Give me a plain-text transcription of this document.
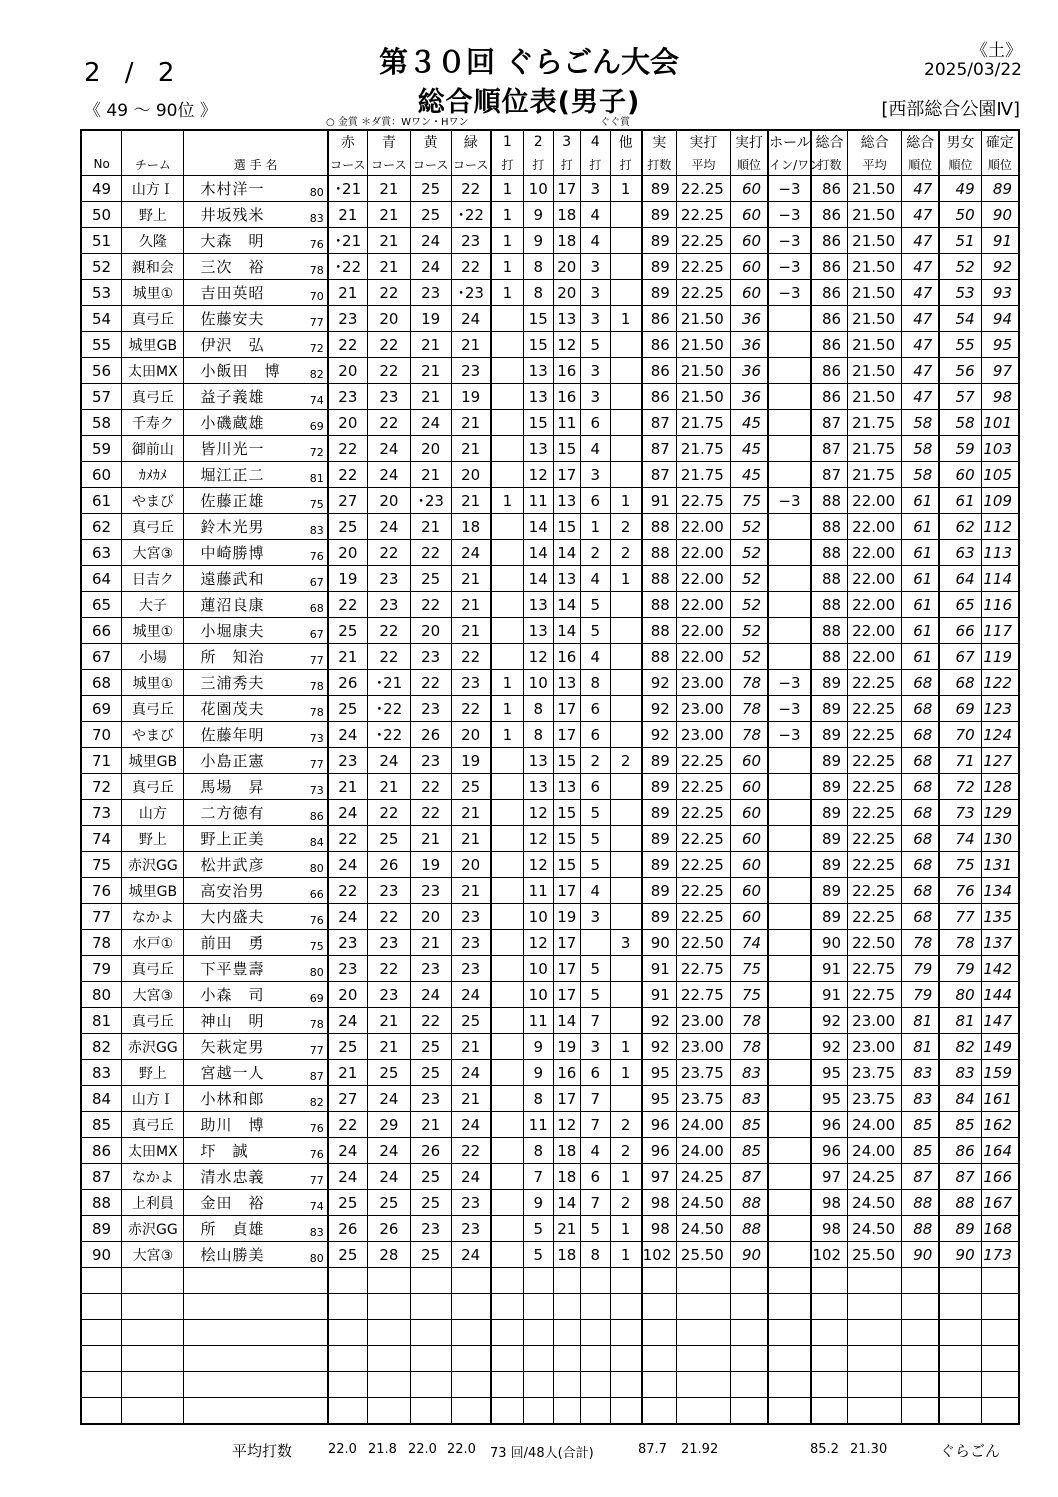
2 / 2
《 49 ～ 90位 》
第３０回 ぐらごん大会
総合順位表(男子)
《土》
2025/03/22
[西部総合公園Ⅳ]
○ 金賞 ＊ダ賞：Wワン・Hワン	ぐぐ賞
			赤	青	黄	緑	1	2	3	4	他	実	実打	実打	ホール	総合	総合	総合	男女	確定
No	チーム	選 手 名	コース	コース	コース	コース	打	打	打	打	打	打数	平均	順位	イン/ワン	打数	平均	順位	順位	順位
49	山方Ｉ	木村洋一 80	･21	21	25	22	1	10	17	3	1	89	22.25	60	−3	86	21.50	47	49	89
50	野上	井坂残米 83	21	21	25	･22	1	9	18	4		89	22.25	60	−3	86	21.50	47	50	90
51	久隆	大森　明 76	･21	21	24	23	1	9	18	4		89	22.25	60	−3	86	21.50	47	51	91
52	親和会	三次　裕 78	･22	21	24	22	1	8	20	3		89	22.25	60	−3	86	21.50	47	52	92
53	城里①	吉田英昭 70	21	22	23	･23	1	8	20	3		89	22.25	60	−3	86	21.50	47	53	93
54	真弓丘	佐藤安夫 77	23	20	19	24		15	13	3	1	86	21.50	36		86	21.50	47	54	94
55	城里GB	伊沢　弘 72	22	22	21	21		15	12	5		86	21.50	36		86	21.50	47	55	95
56	太田MX	小飯田　博 82	20	22	21	23		13	16	3		86	21.50	36		86	21.50	47	56	97
57	真弓丘	益子義雄 74	23	23	21	19		13	16	3		86	21.50	36		86	21.50	47	57	98
58	千寿ク	小磯蔵雄 69	20	22	24	21		15	11	6		87	21.75	45		87	21.75	58	58	101
59	御前山	皆川光一 72	22	24	20	21		13	15	4		87	21.75	45		87	21.75	58	59	103
60	ｶﾒｶﾒ	堀江正二 81	22	24	21	20		12	17	3		87	21.75	45		87	21.75	58	60	105
61	やまび	佐藤正雄 75	27	20	･23	21	1	11	13	6	1	91	22.75	75	−3	88	22.00	61	61	109
62	真弓丘	鈴木光男 83	25	24	21	18		14	15	1	2	88	22.00	52		88	22.00	61	62	112
63	大宮③	中崎勝博 76	20	22	22	24		14	14	2	2	88	22.00	52		88	22.00	61	63	113
64	日吉ク	遠藤武和 67	19	23	25	21		14	13	4	1	88	22.00	52		88	22.00	61	64	114
65	大子	蓮沼良康 68	22	23	22	21		13	14	5		88	22.00	52		88	22.00	61	65	116
66	城里①	小堀康夫 67	25	22	20	21		13	14	5		88	22.00	52		88	22.00	61	66	117
67	小場	所　知治 77	21	22	23	22		12	16	4		88	22.00	52		88	22.00	61	67	119
68	城里①	三浦秀夫 78	26	･21	22	23	1	10	13	8		92	23.00	78	−3	89	22.25	68	68	122
69	真弓丘	花園茂夫 78	25	･22	23	22	1	8	17	6		92	23.00	78	−3	89	22.25	68	69	123
70	やまび	佐藤年明 73	24	･22	26	20	1	8	17	6		92	23.00	78	−3	89	22.25	68	70	124
71	城里GB	小島正憲 77	23	24	23	19		13	15	2	2	89	22.25	60		89	22.25	68	71	127
72	真弓丘	馬場　昇 73	21	21	22	25		13	13	6		89	22.25	60		89	22.25	68	72	128
73	山方	二方徳有 86	24	22	22	21		12	15	5		89	22.25	60		89	22.25	68	73	129
74	野上	野上正美 84	22	25	21	21		12	15	5		89	22.25	60		89	22.25	68	74	130
75	赤沢GG	松井武彦 80	24	26	19	20		12	15	5		89	22.25	60		89	22.25	68	75	131
76	城里GB	高安治男 66	22	23	23	21		11	17	4		89	22.25	60		89	22.25	68	76	134
77	なかよ	大内盛夫 76	24	22	20	23		10	19	3		89	22.25	60		89	22.25	68	77	135
78	水戸①	前田　勇 75	23	23	21	23		12	17		3	90	22.50	74		90	22.50	78	78	137
79	真弓丘	下平豊壽 80	23	22	23	23		10	17	5		91	22.75	75		91	22.75	79	79	142
80	大宮③	小森　司 69	20	23	24	24		10	17	5		91	22.75	75		91	22.75	79	80	144
81	真弓丘	神山　明 78	24	21	22	25		11	14	7		92	23.00	78		92	23.00	81	81	147
82	赤沢GG	矢萩定男 77	25	21	25	21		9	19	3	1	92	23.00	78		92	23.00	81	82	149
83	野上	宮越一人 87	21	25	25	24		9	16	6	1	95	23.75	83		95	23.75	83	83	159
84	山方Ｉ	小林和郎 82	27	24	23	21		8	17	7		95	23.75	83		95	23.75	83	84	161
85	真弓丘	助川　博 76	22	29	21	24		11	12	7	2	96	24.00	85		96	24.00	85	85	162
86	太田MX	圷　誠 76	24	24	26	22		8	18	4	2	96	24.00	85		96	24.00	85	86	164
87	なかよ	清水忠義 77	24	24	25	24		7	18	6	1	97	24.25	87		97	24.25	87	87	166
88	上利員	金田　裕 74	25	25	25	23		9	14	7	2	98	24.50	88		98	24.50	88	88	167
89	赤沢GG	所　貞雄 83	26	26	23	23		5	21	5	1	98	24.50	88		98	24.50	88	89	168
90	大宮③	桧山勝美 80	25	28	25	24		5	18	8	1	102	25.50	90		102	25.50	90	90	173

平均打数	22.0 21.8 22.0 22.0 73 回/48人(合計)	87.7 21.92	85.2 21.30	ぐらごん
